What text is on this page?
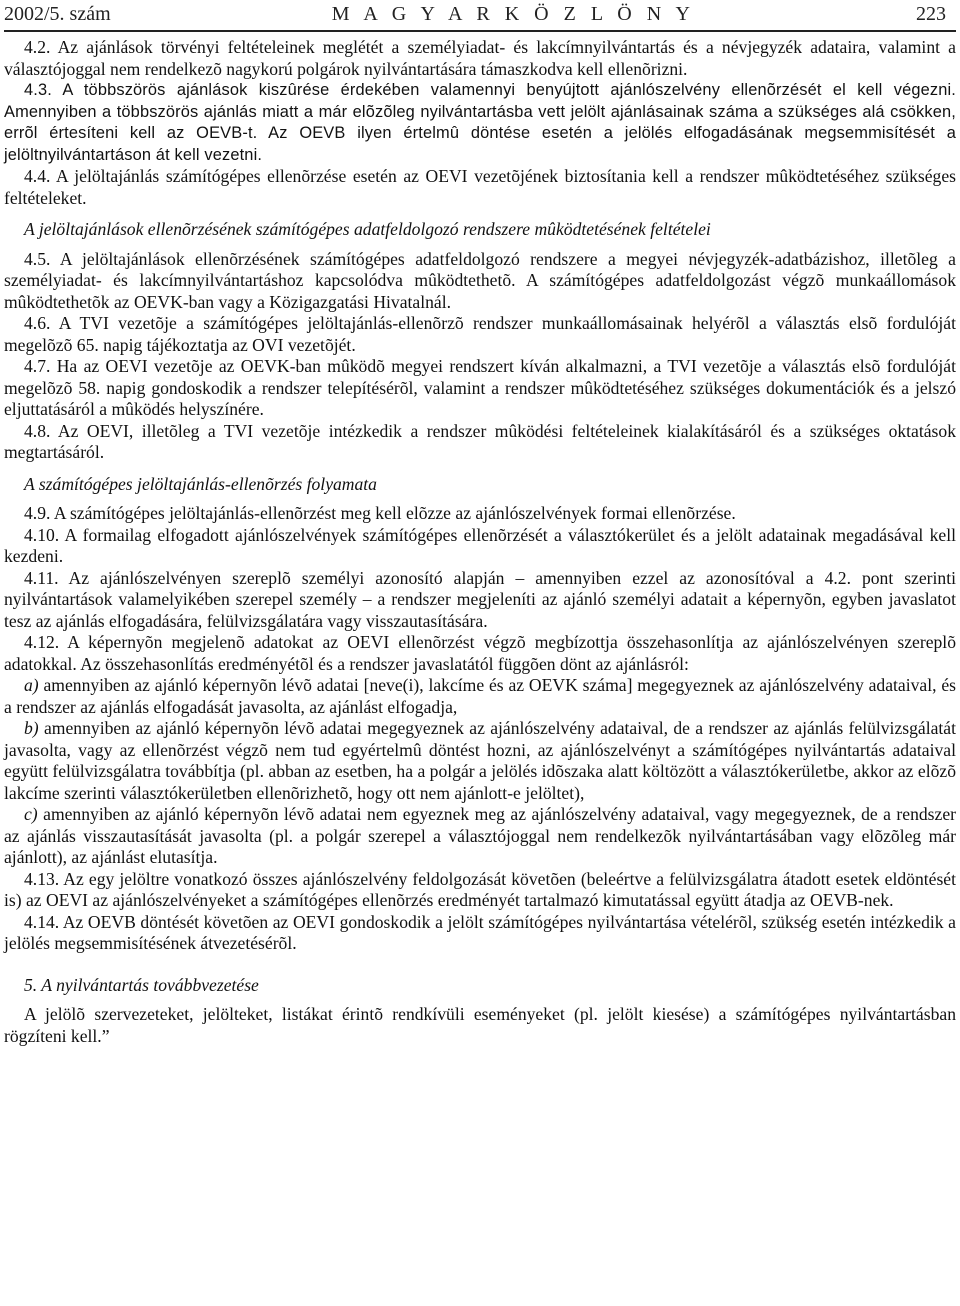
2002/5. szám	M A G Y A R K Ö Z L Ö N Y	223

4.2. Az ajánlások törvényi feltételeinek meglétét a személyiadat- és lakcímnyilvántartás és a névjegyzék adataira, valamint a választójoggal nem rendelkezõ nagykorú polgárok nyilvántartására támaszkodva kell ellenõrizni.

4.3. A többszörös ajánlások kiszûrése érdekében valamennyi benyújtott ajánlószelvény ellenõrzését el kell végezni. Amennyiben a többszörös ajánlás miatt a már elõzõleg nyilvántartásba vett jelölt ajánlásainak száma a szükséges alá csökken, errõl értesíteni kell az OEVB-t. Az OEVB ilyen értelmû döntése esetén a jelölés elfogadásának megsemmisítését a jelöltnyilvántartáson át kell vezetni.

4.4. A jelöltajánlás számítógépes ellenõrzése esetén az OEVI vezetõjének biztosítania kell a rendszer mûködtetéséhez szükséges feltételeket.

A jelöltajánlások ellenõrzésének számítógépes adatfeldolgozó rendszere mûködtetésének feltételei

4.5. A jelöltajánlások ellenõrzésének számítógépes adatfeldolgozó rendszere a megyei névjegyzék-adatbázishoz, illetõleg a személyiadat- és lakcímnyilvántartáshoz kapcsolódva mûködtethetõ. A számítógépes adatfeldolgozást végzõ munkaállomások mûködtethetõk az OEVK-ban vagy a Közigazgatási Hivatalnál.

4.6. A TVI vezetõje a számítógépes jelöltajánlás-ellenõrzõ rendszer munkaállomásainak helyérõl a választás elsõ fordulóját megelõzõ 65. napig tájékoztatja az OVI vezetõjét.

4.7. Ha az OEVI vezetõje az OEVK-ban mûködõ megyei rendszert kíván alkalmazni, a TVI vezetõje a választás elsõ fordulóját megelõzõ 58. napig gondoskodik a rendszer telepítésérõl, valamint a rendszer mûködtetéséhez szükséges dokumentációk és a jelszó eljuttatásáról a mûködés helyszínére.

4.8. Az OEVI, illetõleg a TVI vezetõje intézkedik a rendszer mûködési feltételeinek kialakításáról és a szükséges oktatások megtartásáról.

A számítógépes jelöltajánlás-ellenõrzés folyamata

4.9. A számítógépes jelöltajánlás-ellenõrzést meg kell elõzze az ajánlószelvények formai ellenõrzése.

4.10. A formailag elfogadott ajánlószelvények számítógépes ellenõrzését a választókerület és a jelölt adatainak megadásával kell kezdeni.

4.11. Az ajánlószelvényen szereplõ személyi azonosító alapján – amennyiben ezzel az azonosítóval a 4.2. pont szerinti nyilvántartások valamelyikében szerepel személy – a rendszer megjeleníti az ajánló személyi adatait a képernyõn, egyben javaslatot tesz az ajánlás elfogadására, felülvizsgálatára vagy visszautasítására.

4.12. A képernyõn megjelenõ adatokat az OEVI ellenõrzést végzõ megbízottja összehasonlítja az ajánlószelvényen szereplõ adatokkal. Az összehasonlítás eredményétõl és a rendszer javaslatától függõen dönt az ajánlásról:

a) amennyiben az ajánló képernyõn lévõ adatai [neve(i), lakcíme és az OEVK száma] megegyeznek az ajánlószelvény adataival, és a rendszer az ajánlás elfogadását javasolta, az ajánlást elfogadja,

b) amennyiben az ajánló képernyõn lévõ adatai megegyeznek az ajánlószelvény adataival, de a rendszer az ajánlás felülvizsgálatát javasolta, vagy az ellenõrzést végzõ nem tud egyértelmû döntést hozni, az ajánlószelvényt a számítógépes nyilvántartás adataival együtt felülvizsgálatra továbbítja (pl. abban az esetben, ha a polgár a jelölés idõszaka alatt költözött a választókerületbe, akkor az elõzõ lakcíme szerinti választókerületben ellenõrizhetõ, hogy ott nem ajánlott-e jelöltet),

c) amennyiben az ajánló képernyõn lévõ adatai nem egyeznek meg az ajánlószelvény adataival, vagy megegyeznek, de a rendszer az ajánlás visszautasítását javasolta (pl. a polgár szerepel a választójoggal nem rendelkezõk nyilvántartásában vagy elõzõleg már ajánlott), az ajánlást elutasítja.

4.13. Az egy jelöltre vonatkozó összes ajánlószelvény feldolgozását követõen (beleértve a felülvizsgálatra átadott esetek eldöntését is) az OEVI az ajánlószelvényeket a számítógépes ellenõrzés eredményét tartalmazó kimutatással együtt átadja az OEVB-nek.

4.14. Az OEVB döntését követõen az OEVI gondoskodik a jelölt számítógépes nyilvántartása vételérõl, szükség esetén intézkedik a jelölés megsemmisítésének átvezetésérõl.

5. A nyilvántartás továbbvezetése

A jelölõ szervezeteket, jelölteket, listákat érintõ rendkívüli eseményeket (pl. jelölt kiesése) a számítógépes nyilvántartásban rögzíteni kell.”
